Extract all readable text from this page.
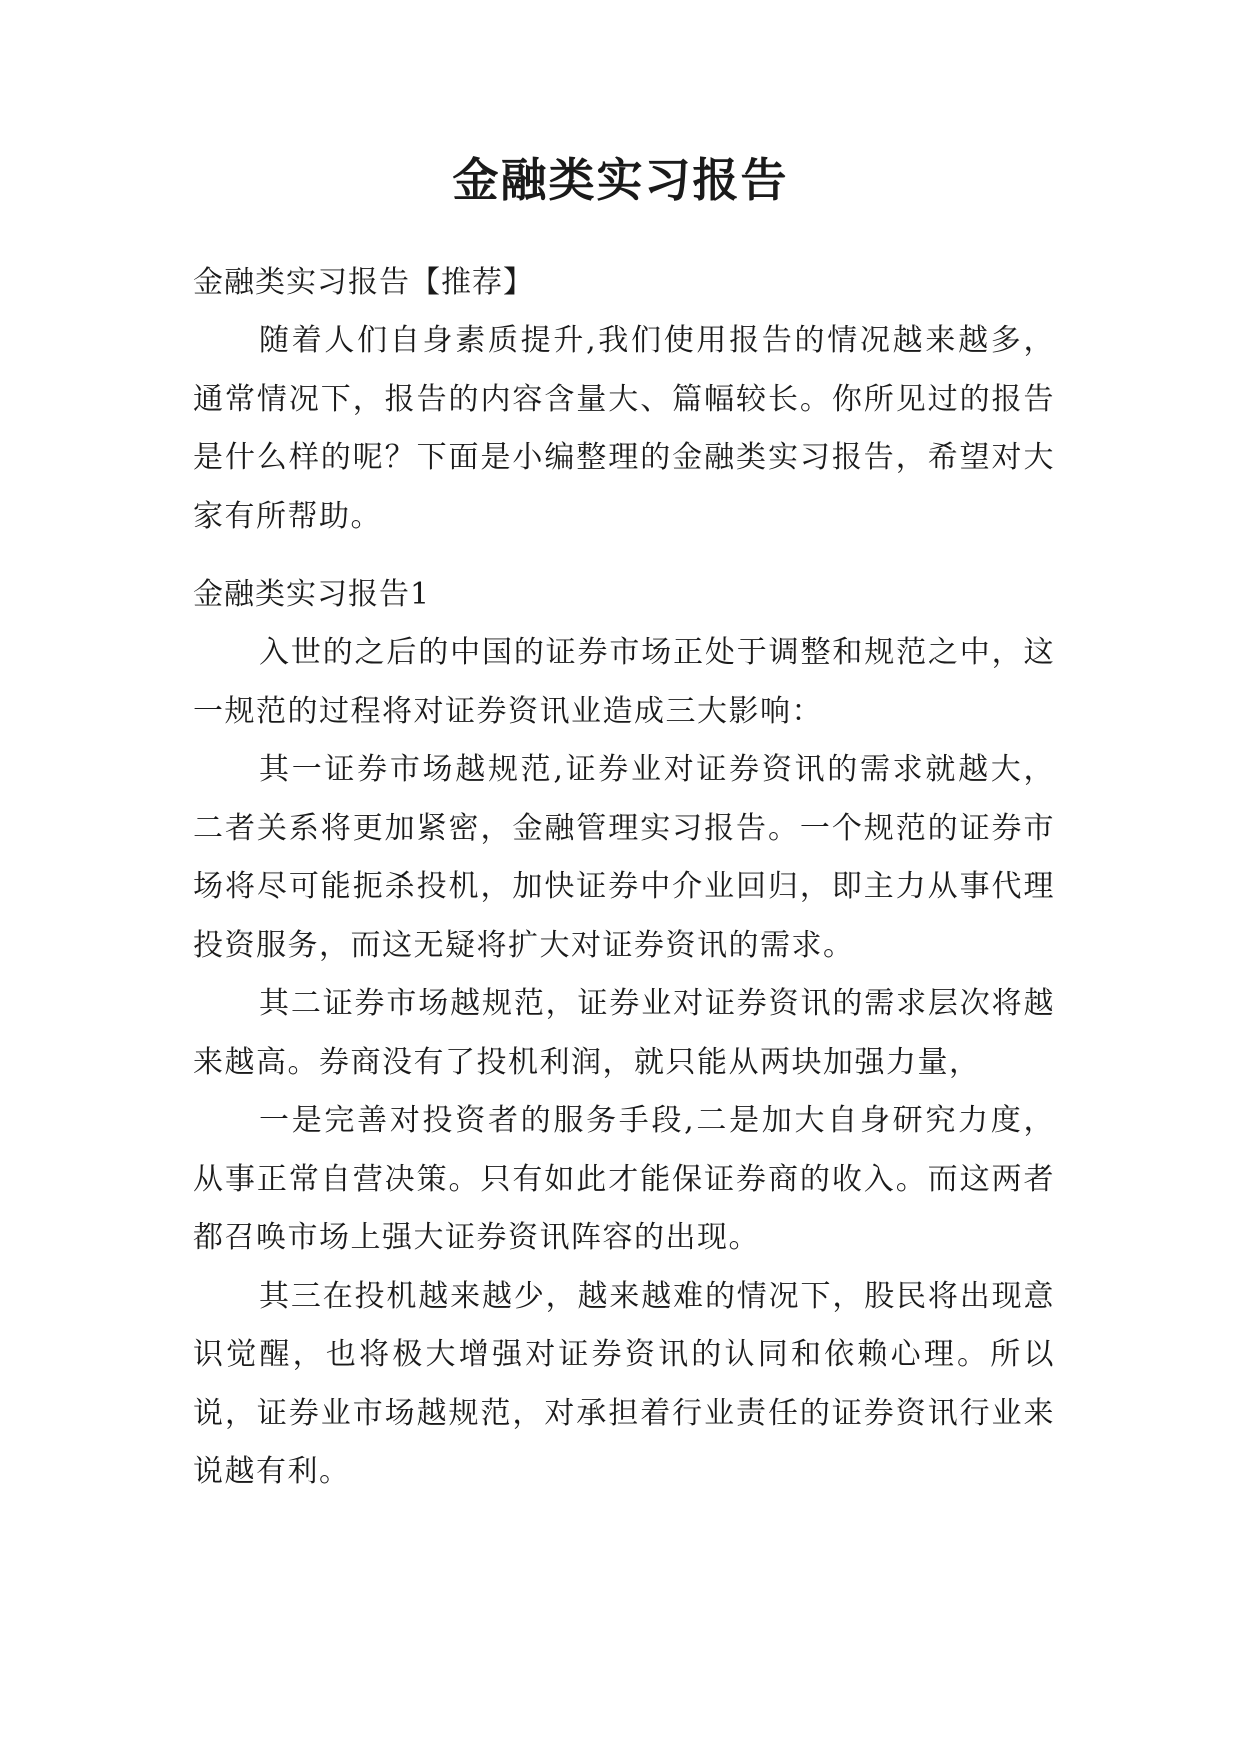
金融类实习报告
金融类实习报告【推荐】

随着人们自身素质提升,我们使用报告的情况越来越多，通常情况下，报告的内容含量大、篇幅较长。你所见过的报告是什么样的呢？下面是小编整理的金融类实习报告，希望对大家有所帮助。

金融类实习报告1

入世的之后的中国的证券市场正处于调整和规范之中，这一规范的过程将对证券资讯业造成三大影响：

其一证券市场越规范,证券业对证券资讯的需求就越大，二者关系将更加紧密，金融管理实习报告。一个规范的证券市场将尽可能扼杀投机，加快证券中介业回归，即主力从事代理投资服务，而这无疑将扩大对证券资讯的需求。

其二证券市场越规范，证券业对证券资讯的需求层次将越来越高。券商没有了投机利润，就只能从两块加强力量，

一是完善对投资者的服务手段,二是加大自身研究力度，从事正常自营决策。只有如此才能保证券商的收入。而这两者都召唤市场上强大证券资讯阵容的出现。

其三在投机越来越少，越来越难的情况下，股民将出现意识觉醒，也将极大增强对证券资讯的认同和依赖心理。所以说，证券业市场越规范，对承担着行业责任的证券资讯行业来说越有利。
